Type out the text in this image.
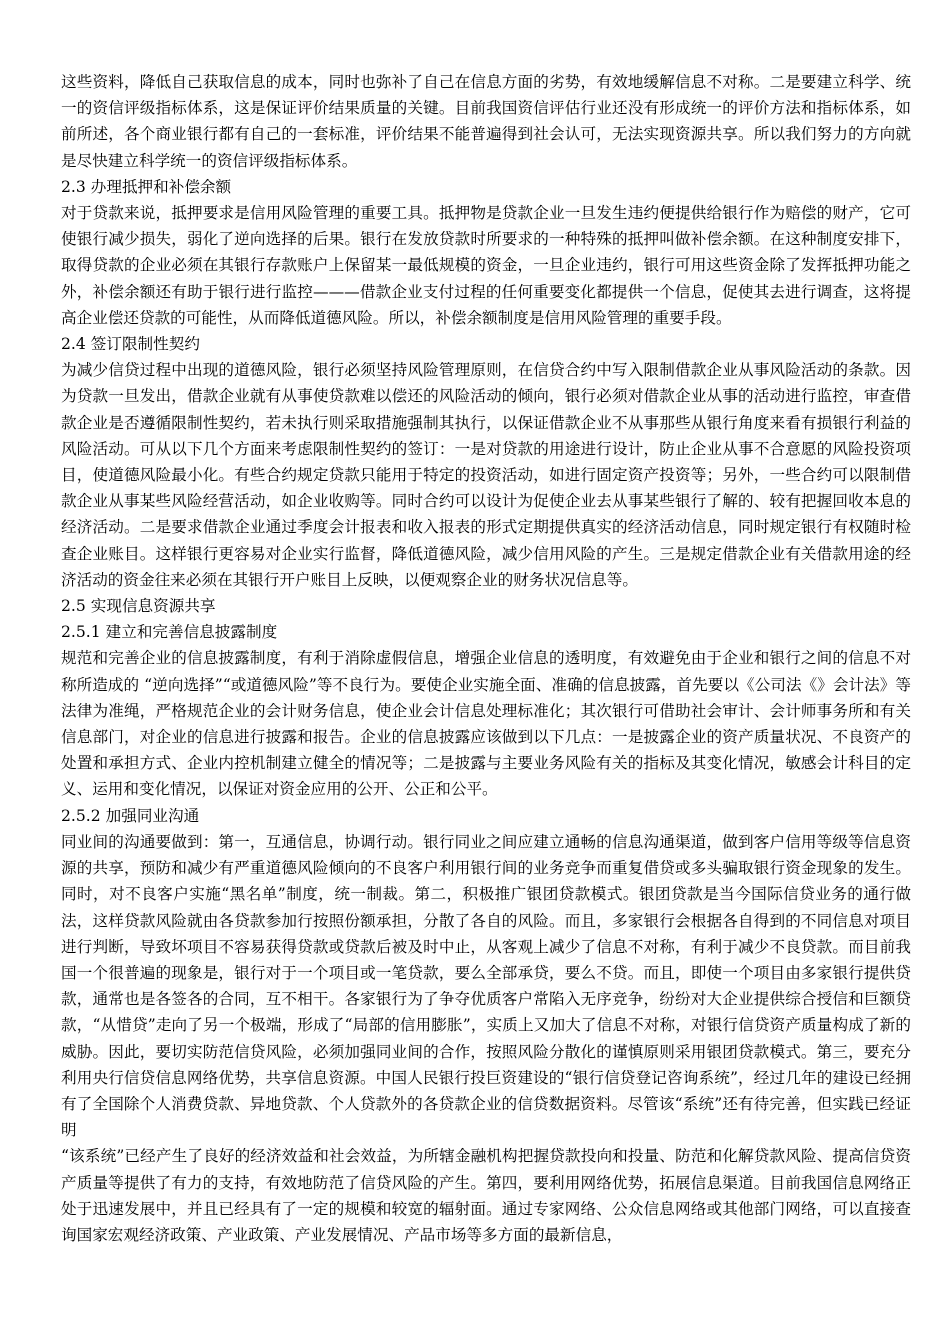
这些资料，降低自己获取信息的成本，同时也弥补了自己在信息方面的劣势，有效地缓解信息不对称。二是要建立科学、统一的资信评级指标体系，这是保证评价结果质量的关键。目前我国资信评估行业还没有形成统一的评价方法和指标体系，如前所述，各个商业银行都有自己的一套标准，评价结果不能普遍得到社会认可，无法实现资源共享。所以我们努力的方向就是尽快建立科学统一的资信评级指标体系。

2.3 办理抵押和补偿余额

对于贷款来说，抵押要求是信用风险管理的重要工具。抵押物是贷款企业一旦发生违约便提供给银行作为赔偿的财产，它可使银行减少损失，弱化了逆向选择的后果。银行在发放贷款时所要求的一种特殊的抵押叫做补偿余额。在这种制度安排下，取得贷款的企业必须在其银行存款账户上保留某一最低规模的资金，一旦企业违约，银行可用这些资金除了发挥抵押功能之外，补偿余额还有助于银行进行监控———借款企业支付过程的任何重要变化都提供一个信息，促使其去进行调查，这将提高企业偿还贷款的可能性，从而降低道德风险。所以，补偿余额制度是信用风险管理的重要手段。

2.4 签订限制性契约

为减少信贷过程中出现的道德风险，银行必须坚持风险管理原则，在信贷合约中写入限制借款企业从事风险活动的条款。因为贷款一旦发出，借款企业就有从事使贷款难以偿还的风险活动的倾向，银行必须对借款企业从事的活动进行监控，审查借款企业是否遵循限制性契约，若未执行则采取措施强制其执行，以保证借款企业不从事那些从银行角度来看有损银行利益的风险活动。可从以下几个方面来考虑限制性契约的签订：一是对贷款的用途进行设计，防止企业从事不合意愿的风险投资项目，使道德风险最小化。有些合约规定贷款只能用于特定的投资活动，如进行固定资产投资等；另外，一些合约可以限制借款企业从事某些风险经营活动，如企业收购等。同时合约可以设计为促使企业去从事某些银行了解的、较有把握回收本息的经济活动。二是要求借款企业通过季度会计报表和收入报表的形式定期提供真实的经济活动信息，同时规定银行有权随时检查企业账目。这样银行更容易对企业实行监督，降低道德风险，减少信用风险的产生。三是规定借款企业有关借款用途的经济活动的资金往来必须在其银行开户账目上反映，以便观察企业的财务状况信息等。

2.5 实现信息资源共享
2.5.1 建立和完善信息披露制度

规范和完善企业的信息披露制度，有利于消除虚假信息，增强企业信息的透明度，有效避免由于企业和银行之间的信息不对称所造成的 “逆向选择”“或道德风险”等不良行为。要使企业实施全面、准确的信息披露，首先要以《公司法《》会计法》等法律为准绳，严格规范企业的会计财务信息，使企业会计信息处理标准化；其次银行可借助社会审计、会计师事务所和有关信息部门，对企业的信息进行披露和报告。企业的信息披露应该做到以下几点：一是披露企业的资产质量状况、不良资产的处置和承担方式、企业内控机制建立健全的情况等；二是披露与主要业务风险有关的指标及其变化情况，敏感会计科目的定义、运用和变化情况，以保证对资金应用的公开、公正和公平。

2.5.2 加强同业沟通

同业间的沟通要做到：第一，互通信息，协调行动。银行同业之间应建立通畅的信息沟通渠道，做到客户信用等级等信息资源的共享，预防和减少有严重道德风险倾向的不良客户利用银行间的业务竞争而重复借贷或多头骗取银行资金现象的发生。同时，对不良客户实施“黑名单”制度，统一制裁。第二，积极推广银团贷款模式。银团贷款是当今国际信贷业务的通行做法，这样贷款风险就由各贷款参加行按照份额承担，分散了各自的风险。而且，多家银行会根据各自得到的不同信息对项目进行判断，导致坏项目不容易获得贷款或贷款后被及时中止，从客观上减少了信息不对称，有利于减少不良贷款。而目前我国一个很普遍的现象是，银行对于一个项目或一笔贷款，要么全部承贷，要么不贷。而且，即使一个项目由多家银行提供贷款，通常也是各签各的合同，互不相干。各家银行为了争夺优质客户常陷入无序竞争，纷纷对大企业提供综合授信和巨额贷款，“从惜贷”走向了另一个极端，形成了“局部的信用膨胀”，实质上又加大了信息不对称，对银行信贷资产质量构成了新的威胁。因此，要切实防范信贷风险，必须加强同业间的合作，按照风险分散化的谨慎原则采用银团贷款模式。第三，要充分利用央行信贷信息网络优势，共享信息资源。中国人民银行投巨资建设的“银行信贷登记咨询系统”，经过几年的建设已经拥有了全国除个人消费贷款、异地贷款、个人贷款外的各贷款企业的信贷数据资料。尽管该“系统”还有待完善，但实践已经证明

“该系统”已经产生了良好的经济效益和社会效益，为所辖金融机构把握贷款投向和投量、防范和化解贷款风险、提高信贷资产质量等提供了有力的支持，有效地防范了信贷风险的产生。第四，要利用网络优势，拓展信息渠道。目前我国信息网络正处于迅速发展中，并且已经具有了一定的规模和较宽的辐射面。通过专家网络、公众信息网络或其他部门网络，可以直接查询国家宏观经济政策、产业政策、产业发展情况、产品市场等多方面的最新信息，
